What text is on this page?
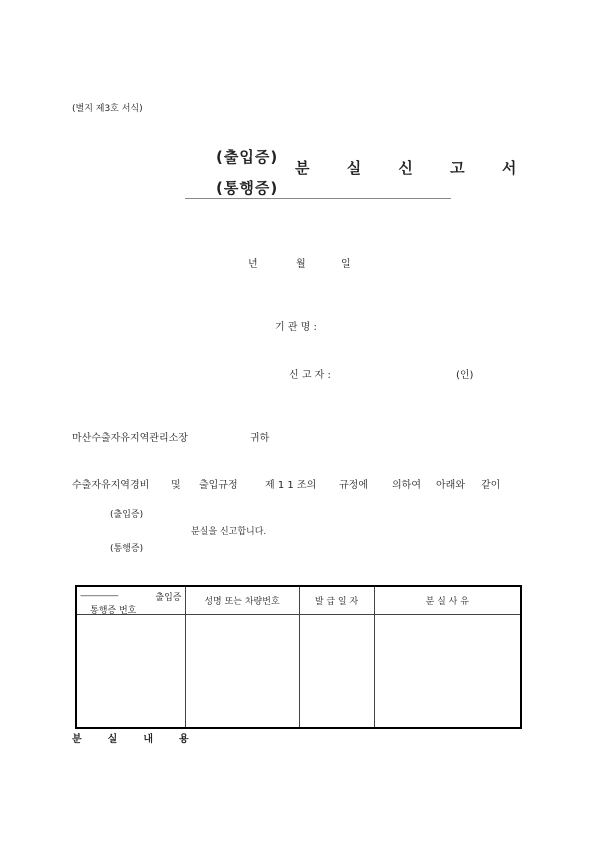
(별지 제3호 서식)
(출입증)
(통행증)
분 실 신 고 서
년	월	일
기 관 명 :
신 고 자 :	(인)
마산수출자유지역관리소장	귀하
수출자유지역경비 및 출입규정	제 1 1 조의 규정에 의하여 아래와 같이
(출입증)
분실을 신고합니다.
(통행증)
-------------------- 출입증
통행증 번호	성명 또는 차량번호	발 급 일 자	분 실 사 유

분실내용
